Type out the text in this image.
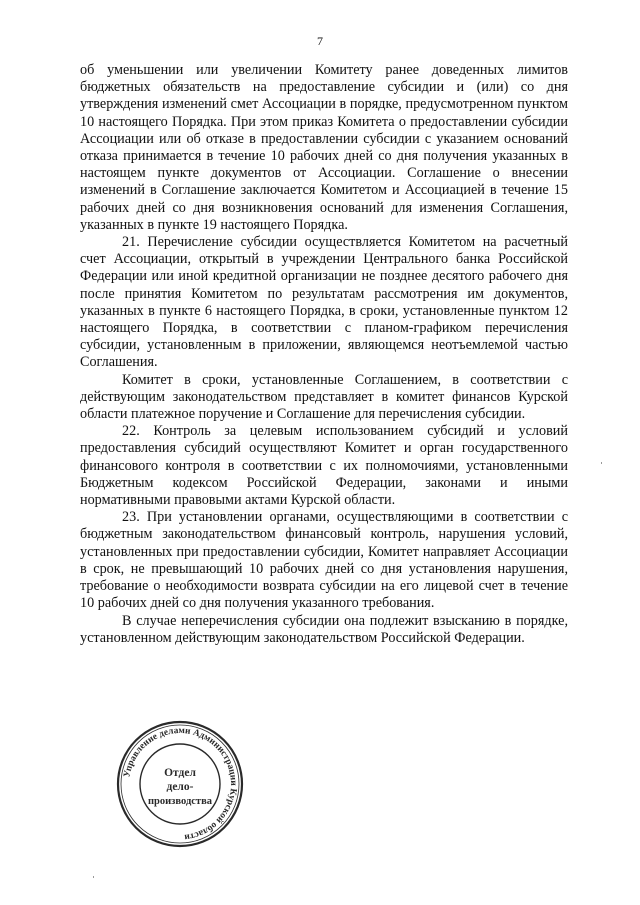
7

об уменьшении или увеличении Комитету ранее доведенных лимитов бюджетных обязательств на предоставление субсидии и (или) со дня утверждения изменений смет Ассоциации в порядке, предусмотренном пунктом 10 настоящего Порядка. При этом приказ Комитета о предоставлении субсидии Ассоциации или об отказе в предоставлении субсидии с указанием оснований отказа принимается в течение 10 рабочих дней со дня получения указанных в настоящем пункте документов от Ассоциации. Соглашение о внесении изменений в Соглашение заключается Комитетом и Ассоциацией в течение 15 рабочих дней со дня возникновения оснований для изменения Соглашения, указанных в пункте 19 настоящего Порядка.

21. Перечисление субсидии осуществляется Комитетом на расчетный счет Ассоциации, открытый в учреждении Центрального банка Российской Федерации или иной кредитной организации не позднее десятого рабочего дня после принятия Комитетом по результатам рассмотрения им документов, указанных в пункте 6 настоящего Порядка, в сроки, установленные пунктом 12 настоящего Порядка, в соответствии с планом-графиком перечисления субсидии, установленным в приложении, являющемся неотъемлемой частью Соглашения.

Комитет в сроки, установленные Соглашением, в соответствии с действующим законодательством представляет в комитет финансов Курской области платежное поручение и Соглашение для перечисления субсидии.

22. Контроль за целевым использованием субсидий и условий предоставления субсидий осуществляют Комитет и орган государственного финансового контроля в соответствии с их полномочиями, установленными Бюджетным кодексом Российской Федерации, законами и иными нормативными правовыми актами Курской области.

23. При установлении органами, осуществляющими в соответствии с бюджетным законодательством финансовый контроль, нарушения условий, установленных при предоставлении субсидии, Комитет направляет Ассоциации в срок, не превышающий 10 рабочих дней со дня установления нарушения, требование о необходимости возврата субсидии на его лицевой счет в течение 10 рабочих дней со дня получения указанного требования.

В случае неперечисления субсидии она подлежит взысканию в порядке, установленном действующим законодательством Российской Федерации.

Управление делами Администрации Курской области
Отдел
дело-
производства
